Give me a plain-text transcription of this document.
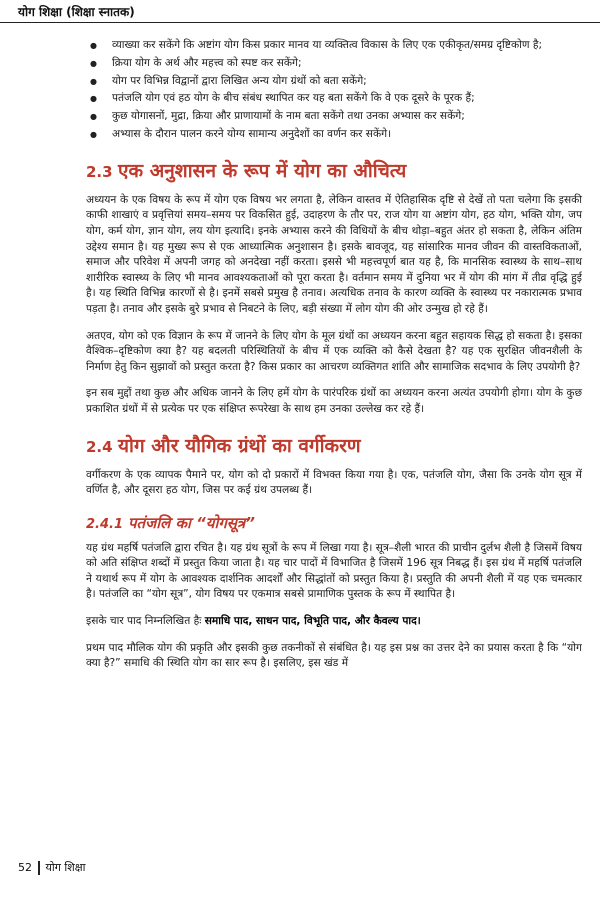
योग शिक्षा (शिक्षा स्नातक)
● व्याख्या कर सकेंगे कि अष्टांग योग किस प्रकार मानव या व्यक्तित्व विकास के लिए एक एकीकृत/समग्र दृष्टिकोण है;
● क्रिया योग के अर्थ और महत्त्व को स्पष्ट कर सकेंगे;
● योग पर विभिन्न विद्वानों द्वारा लिखित अन्य योग ग्रंथों को बता सकेंगे;
● पतंजलि योग एवं हठ योग के बीच संबंध स्थापित कर यह बता सकेंगे कि वे एक दूसरे के पूरक हैं;
● कुछ योगासनों, मुद्रा, क्रिया और प्राणायामों के नाम बता सकेंगे तथा उनका अभ्यास कर सकेंगे;
● अभ्यास के दौरान पालन करने योग्य सामान्य अनुदेशों का वर्णन कर सकेंगे।
2.3 एक अनुशासन के रूप में योग का औचित्य

अध्ययन के एक विषय के रूप में योग एक विषय भर लगता है, लेकिन वास्तव में ऐतिहासिक दृष्टि से देखें तो पता चलेगा कि इसकी काफी शाखाएं व प्रवृत्तियां समय–समय पर विकसित हुई, उदाहरण के तौर पर, राज योग या अष्टांग योग, हठ योग, भक्ति योग, जप योग, कर्म योग, ज्ञान योग, लय योग इत्यादि। इनके अभ्यास करने की विधियों के बीच थोड़ा–बहुत अंतर हो सकता है, लेकिन अंतिम उद्देश्य समान है। यह मुख्य रूप से एक आध्यात्मिक अनुशासन है। इसके बावजूद, यह सांसारिक मानव जीवन की वास्तविकताओं, समाज और परिवेश में अपनी जगह को अनदेखा नहीं करता। इससे भी महत्त्वपूर्ण बात यह है, कि मानसिक स्वास्थ्य के साथ–साथ शारीरिक स्वास्थ्य के लिए भी मानव आवश्यकताओं को पूरा करता है। वर्तमान समय में दुनिया भर में योग की मांग में तीव्र वृद्धि हुई है। यह स्थिति विभिन्न कारणों से है। इनमें सबसे प्रमुख है तनाव। अत्यधिक तनाव के कारण व्यक्ति के स्वास्थ्य पर नकारात्मक प्रभाव पड़ता है। तनाव और इसके बुरे प्रभाव से निबटने के लिए, बड़ी संख्या में लोग योग की ओर उन्मुख हो रहे हैं।

अतएव, योग को एक विज्ञान के रूप में जानने के लिए योग के मूल ग्रंथों का अध्ययन करना बहुत सहायक सिद्ध हो सकता है। इसका वैश्विक–दृष्टिकोण क्या है? यह बदलती परिस्थितियों के बीच में एक व्यक्ति को कैसे देखता है? यह एक सुरक्षित जीवनशैली के निर्माण हेतु किन सुझावों को प्रस्तुत करता है? किस प्रकार का आचरण व्यक्तिगत शांति और सामाजिक सदभाव के लिए उपयोगी है?

इन सब मुद्दों तथा कुछ और अधिक जानने के लिए हमें योग के पारंपरिक ग्रंथों का अध्ययन करना अत्यंत उपयोगी होगा। योग के कुछ प्रकाशित ग्रंथों में से प्रत्येक पर एक संक्षिप्त रूपरेखा के साथ हम उनका उल्लेख कर रहे हैं।

2.4 योग और यौगिक ग्रंथों का वर्गीकरण

वर्गीकरण के एक व्यापक पैमाने पर, योग को दो प्रकारों में विभक्त किया गया है। एक, पतंजलि योग, जैसा कि उनके योग सूत्र में वर्णित है, और दूसरा हठ योग, जिस पर कई ग्रंथ उपलब्ध हैं।

2.4.1 पतंजलि का “योगसूत्र”

यह ग्रंथ महर्षि पतंजलि द्वारा रचित है। यह ग्रंथ सूत्रों के रूप में लिखा गया है। सूत्र–शैली भारत की प्राचीन दुर्लभ शैली है जिसमें विषय को अति संक्षिप्त शब्दों में प्रस्तुत किया जाता है। यह चार पादों में विभाजित है जिसमें 196 सूत्र निबद्ध हैं। इस ग्रंथ में महर्षि पतंजलि ने यथार्थ रूप में योग के आवश्यक दार्शनिक आदर्शों और सिद्धांतों को प्रस्तुत किया है। प्रस्तुति की अपनी शैली में यह एक चमत्कार है। पतंजलि का “योग सूत्र”, योग विषय पर एकमात्र सबसे प्रामाणिक पुस्तक के रूप में स्थापित है।

इसके चार पाद निम्नलिखित हैः समाधि पाद, साधन पाद, विभूति पाद, और कैवल्य पाद।

प्रथम पाद मौलिक योग की प्रकृति और इसकी कुछ तकनीकों से संबंधित है। यह इस प्रश्न का उत्तर देने का प्रयास करता है कि “योग क्या है?” समाधि की स्थिति योग का सार रूप है। इसलिए, इस खंड में

52 योग शिक्षा
